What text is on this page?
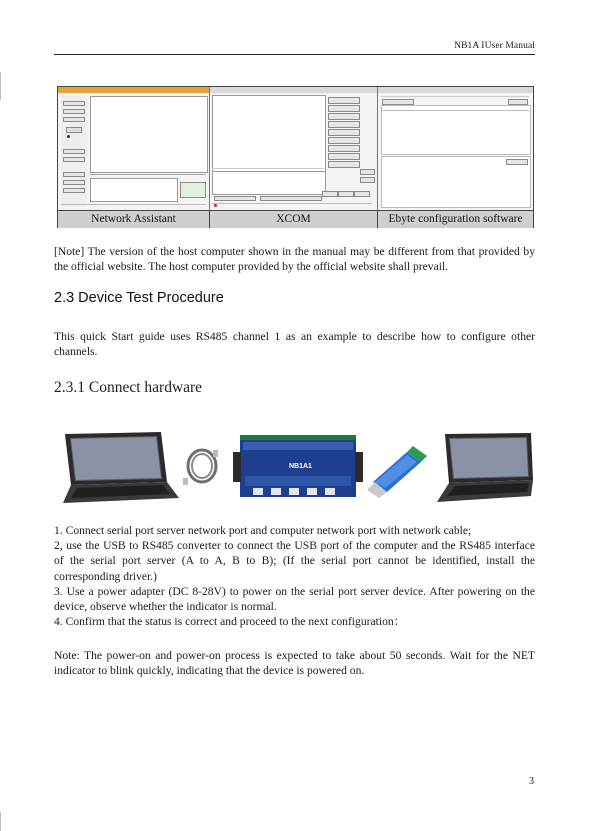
NB1A IUser Manual
Network Assistant	XCOM	Ebyte configuration software
[Note] The version of the host computer shown in the manual may be different from that provided by the official website. The host computer provided by the official website shall prevail.
2.3 Device Test Procedure
This quick Start guide uses RS485 channel 1 as an example to describe how to configure other channels.
2.3.1 Connect hardware
NB1A1

1. Connect serial port server network port and computer network port with network cable;

2, use the USB to RS485 converter to connect the USB port of the computer and the RS485 interface of the serial port server (A to A, B to B); (If the serial port cannot be identified, install the corresponding driver.)

3. Use a power adapter (DC 8-28V) to power on the serial port server device. After powering on the device, observe whether the indicator is normal.

4. Confirm that the status is correct and proceed to the next configuration：

Note: The power-on and power-on process is expected to take about 50 seconds. Wait for the NET indicator to blink quickly, indicating that the device is powered on.
3
